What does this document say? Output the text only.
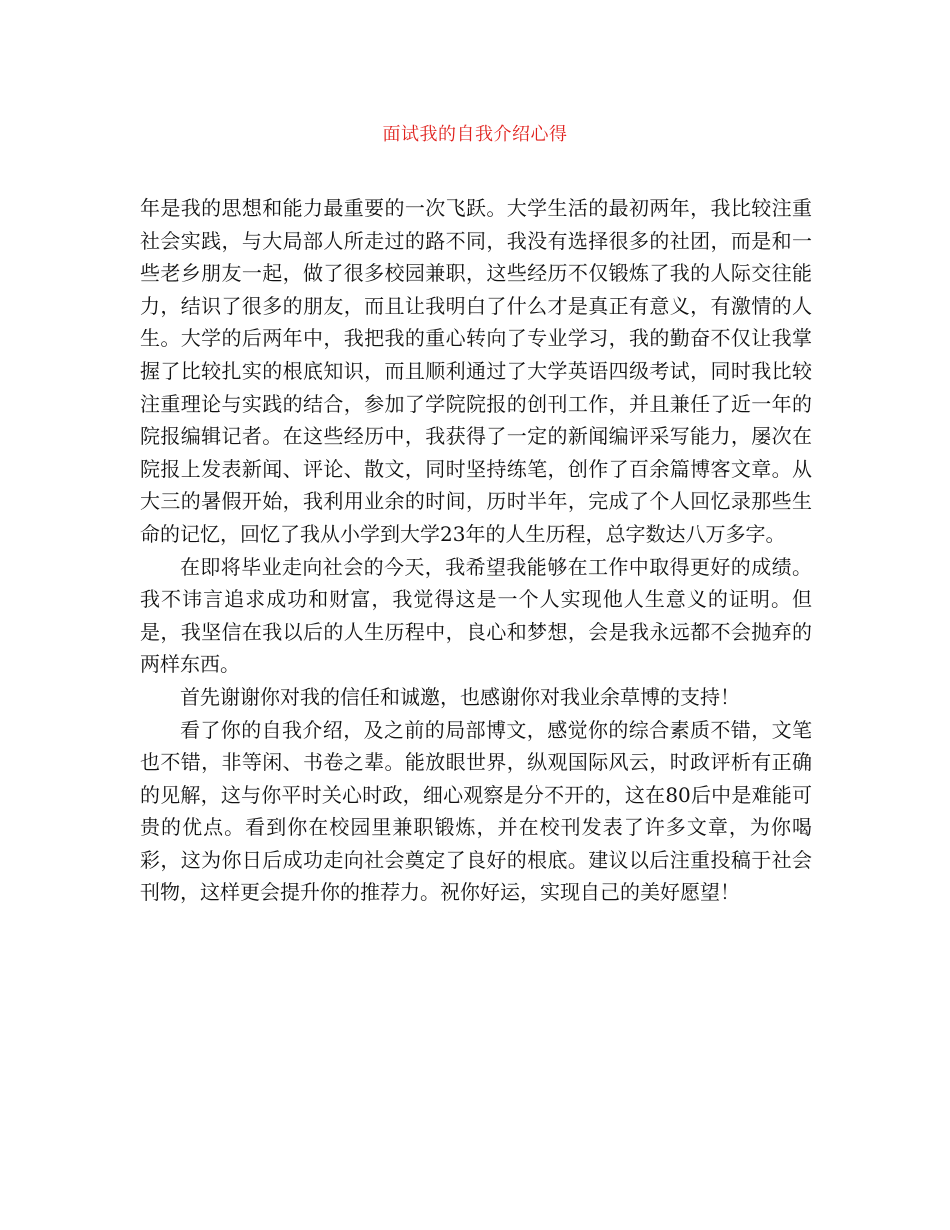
面试我的自我介绍心得

年是我的思想和能力最重要的一次飞跃。大学生活的最初两年，我比较注重社会实践，与大局部人所走过的路不同，我没有选择很多的社团，而是和一些老乡朋友一起，做了很多校园兼职，这些经历不仅锻炼了我的人际交往能力，结识了很多的朋友，而且让我明白了什么才是真正有意义，有激情的人生。大学的后两年中，我把我的重心转向了专业学习，我的勤奋不仅让我掌握了比较扎实的根底知识，而且顺利通过了大学英语四级考试，同时我比较注重理论与实践的结合，参加了学院院报的创刊工作，并且兼任了近一年的院报编辑记者。在这些经历中，我获得了一定的新闻编评采写能力，屡次在院报上发表新闻、评论、散文，同时坚持练笔，创作了百余篇博客文章。从大三的暑假开始，我利用业余的时间，历时半年，完成了个人回忆录那些生命的记忆，回忆了我从小学到大学23年的人生历程，总字数达八万多字。

在即将毕业走向社会的今天，我希望我能够在工作中取得更好的成绩。我不讳言追求成功和财富，我觉得这是一个人实现他人生意义的证明。但是，我坚信在我以后的人生历程中，良心和梦想，会是我永远都不会抛弃的两样东西。

首先谢谢你对我的信任和诚邀，也感谢你对我业余草博的支持！

看了你的自我介绍，及之前的局部博文，感觉你的综合素质不错，文笔也不错，非等闲、书卷之辈。能放眼世界，纵观国际风云，时政评析有正确的见解，这与你平时关心时政，细心观察是分不开的，这在80后中是难能可贵的优点。看到你在校园里兼职锻炼，并在校刊发表了许多文章，为你喝彩，这为你日后成功走向社会奠定了良好的根底。建议以后注重投稿于社会刊物，这样更会提升你的推荐力。祝你好运，实现自己的美好愿望！
